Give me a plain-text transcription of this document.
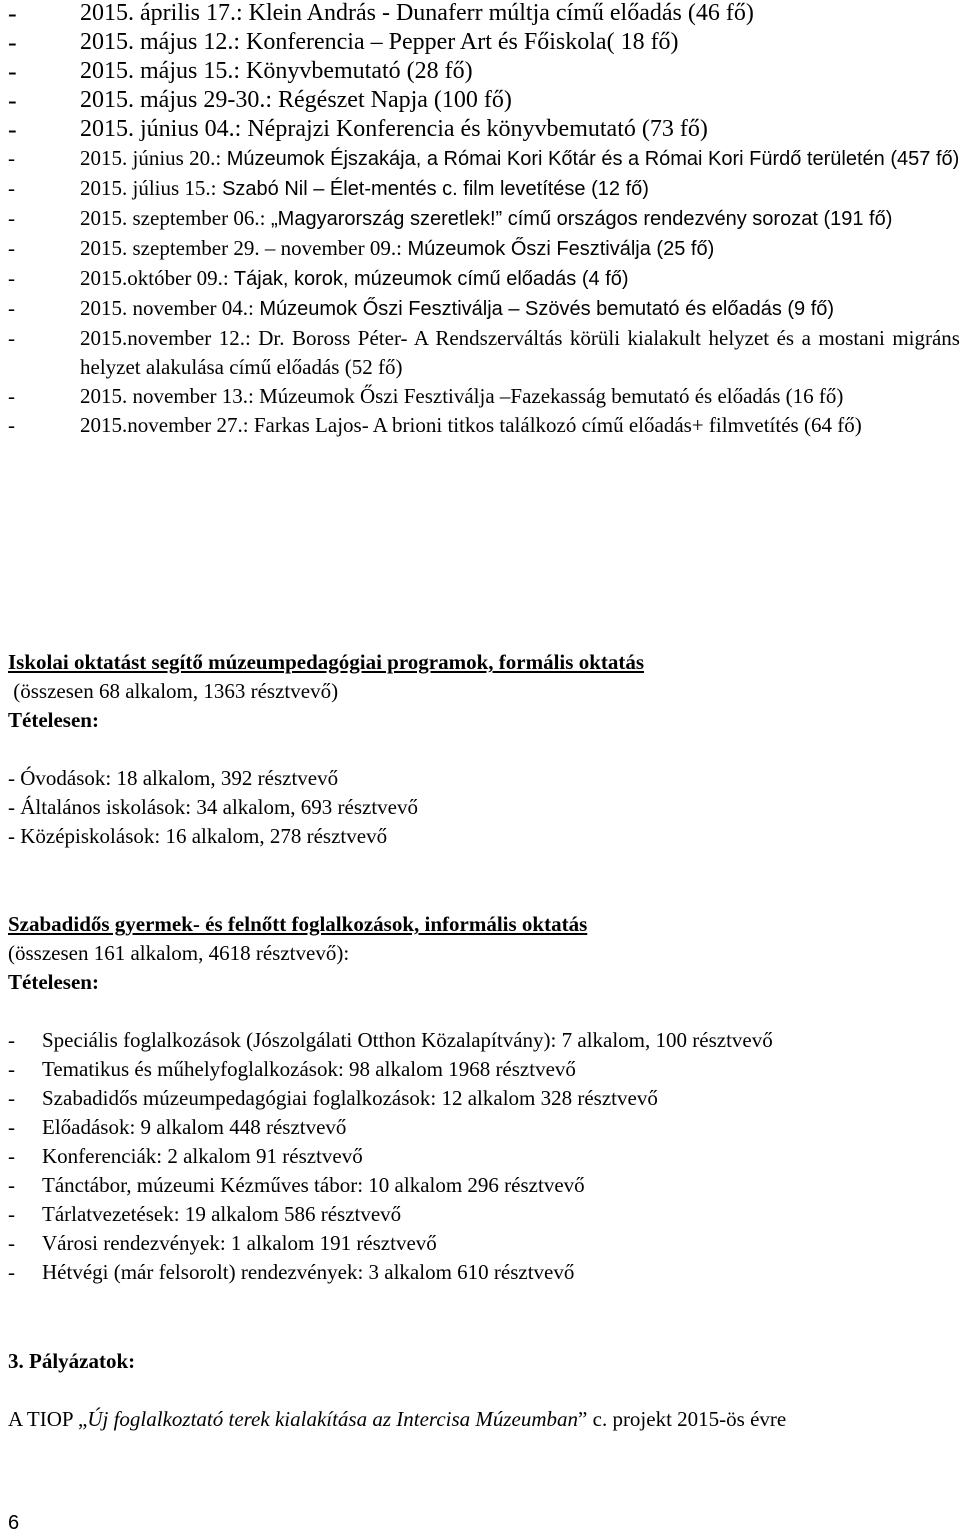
-	2015. április 17.: Klein András - Dunaferr múltja című előadás (46 fő)
-	2015. május 12.: Konferencia – Pepper Art és Főiskola( 18 fő)
-	2015. május 15.: Könyvbemutató (28 fő)
-	2015. május 29-30.: Régészet Napja (100 fő)
-	2015. június 04.: Néprajzi Konferencia és könyvbemutató (73 fő)
-	2015. június 20.: Múzeumok Éjszakája, a Római Kori Kőtár és a Római Kori Fürdő területén (457 fő)
-	2015. július 15.: Szabó Nil – Élet-mentés c. film levetítése (12 fő)
-	2015. szeptember 06.: „Magyarország szeretlek!” című országos rendezvény sorozat (191 fő)
-	2015. szeptember 29. – november 09.: Múzeumok Őszi Fesztiválja (25 fő)
-	2015.október 09.: Tájak, korok, múzeumok című előadás (4 fő)
-	2015. november 04.: Múzeumok Őszi Fesztiválja – Szövés bemutató és előadás (9 fő)
-	2015.november 12.: Dr. Boross Péter- A Rendszerváltás körüli kialakult helyzet és a mostani migráns helyzet alakulása című előadás (52 fő)
-	2015. november 13.: Múzeumok Őszi Fesztiválja –Fazekasság bemutató és előadás (16 fő)
-	2015.november 27.: Farkas Lajos- A brioni titkos találkozó című előadás+ filmvetítés (64 fő)
Iskolai oktatást segítő múzeumpedagógiai programok, formális oktatás
(összesen 68 alkalom, 1363 résztvevő)
Tételesen:
- Óvodások: 18 alkalom, 392 résztvevő
- Általános iskolások: 34 alkalom, 693 résztvevő
- Középiskolások: 16 alkalom, 278 résztvevő
Szabadidős gyermek- és felnőtt foglalkozások, informális oktatás
(összesen 161 alkalom, 4618 résztvevő):
Tételesen:
- Speciális foglalkozások (Jószolgálati Otthon Közalapítvány): 7 alkalom, 100 résztvevő
- Tematikus és műhelyfoglalkozások: 98 alkalom 1968 résztvevő
- Szabadidős múzeumpedagógiai foglalkozások: 12 alkalom 328 résztvevő
- Előadások: 9 alkalom 448 résztvevő
- Konferenciák: 2 alkalom 91 résztvevő
- Tánctábor, múzeumi Kézműves tábor: 10 alkalom 296 résztvevő
- Tárlatvezetések: 19 alkalom 586 résztvevő
- Városi rendezvények: 1 alkalom 191 résztvevő
- Hétvégi (már felsorolt) rendezvények: 3 alkalom 610 résztvevő
3. Pályázatok:
A TIOP „Új foglalkoztató terek kialakítása az Intercisa Múzeumban” c. projekt 2015-ös évre
6
